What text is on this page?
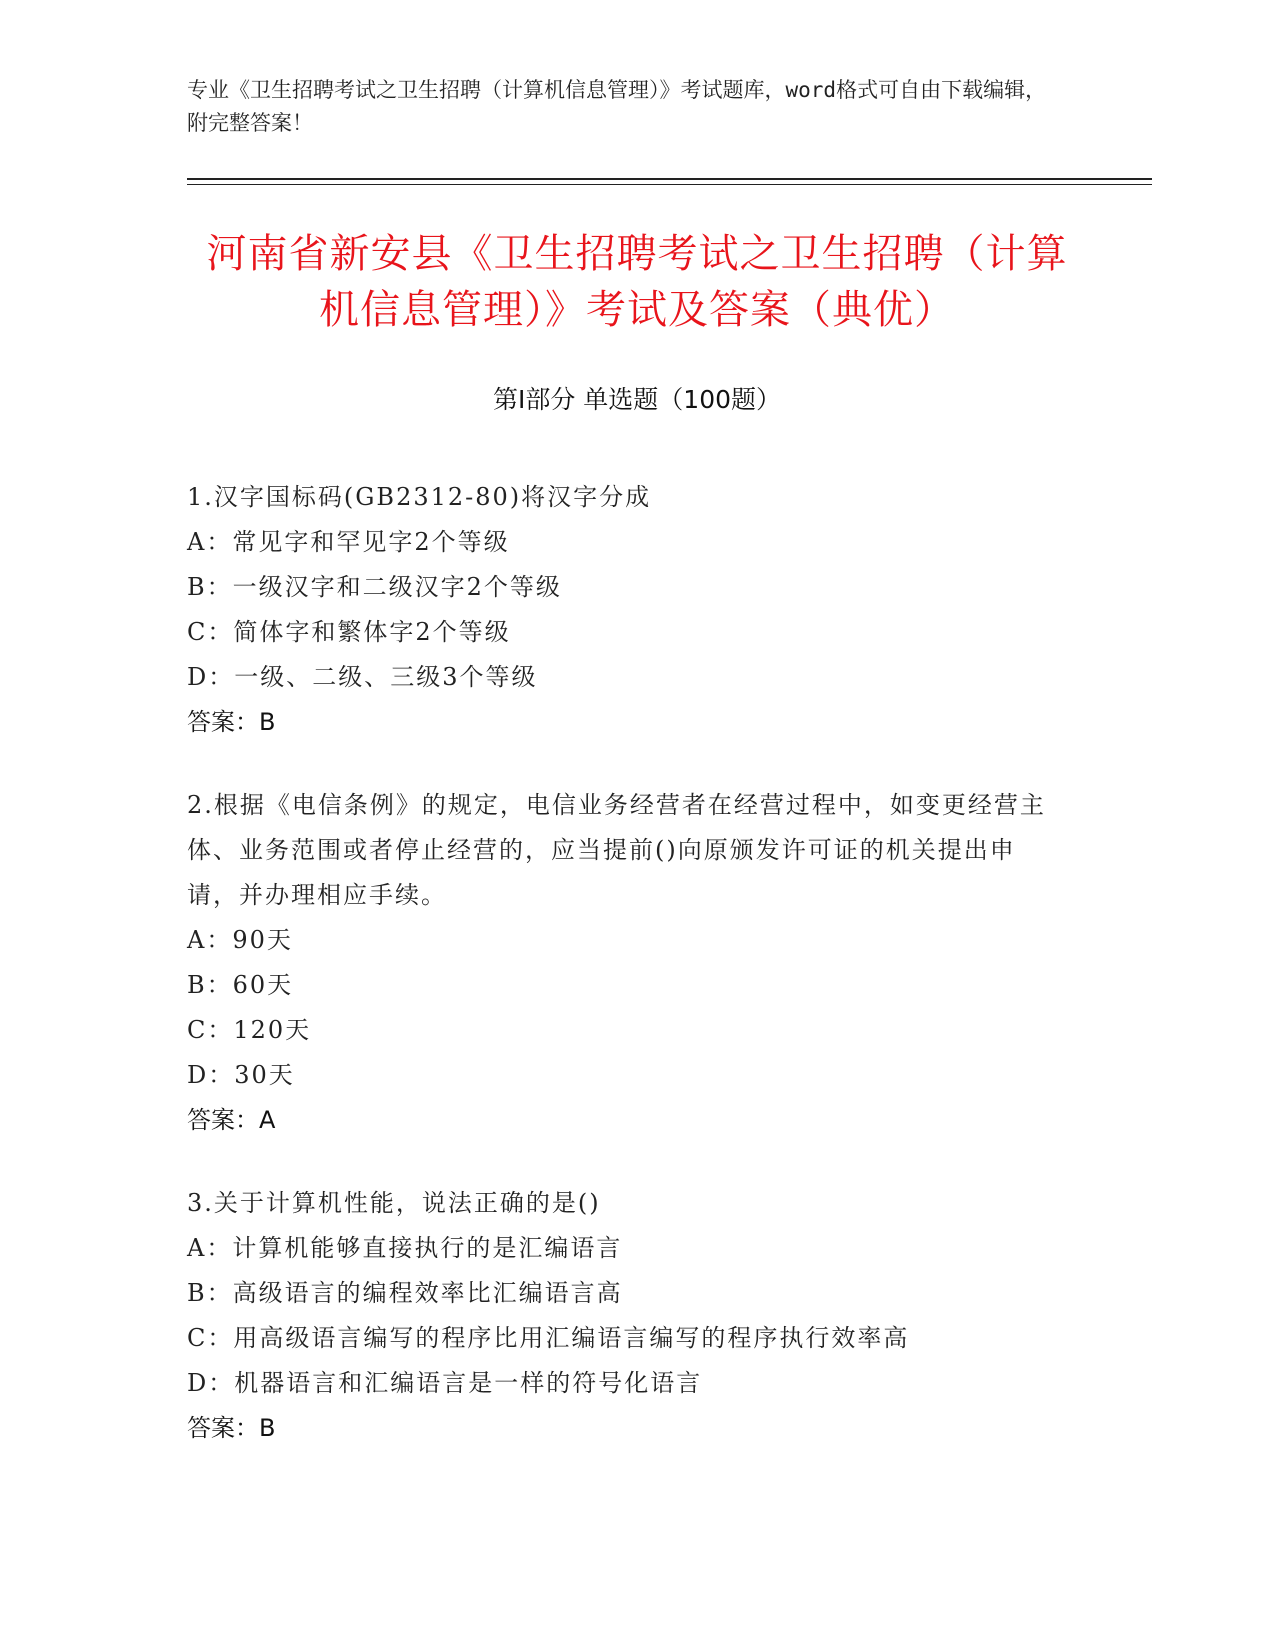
专业《卫生招聘考试之卫生招聘（计算机信息管理）》考试题库，word格式可自由下载编辑，附完整答案！
河南省新安县《卫生招聘考试之卫生招聘（计算机信息管理）》考试及答案（典优）
第Ⅰ部分 单选题（100题）

1.汉字国标码(GB2312-80)将汉字分成

A：常见字和罕见字2个等级

B：一级汉字和二级汉字2个等级

C：简体字和繁体字2个等级

D：一级、二级、三级3个等级

答案：B

2.根据《电信条例》的规定，电信业务经营者在经营过程中，如变更经营主体、业务范围或者停止经营的，应当提前()向原颁发许可证的机关提出申请，并办理相应手续。

A：90天

B：60天

C：120天

D：30天

答案：A

3.关于计算机性能，说法正确的是()

A：计算机能够直接执行的是汇编语言

B：高级语言的编程效率比汇编语言高

C：用高级语言编写的程序比用汇编语言编写的程序执行效率高

D：机器语言和汇编语言是一样的符号化语言

答案：B
